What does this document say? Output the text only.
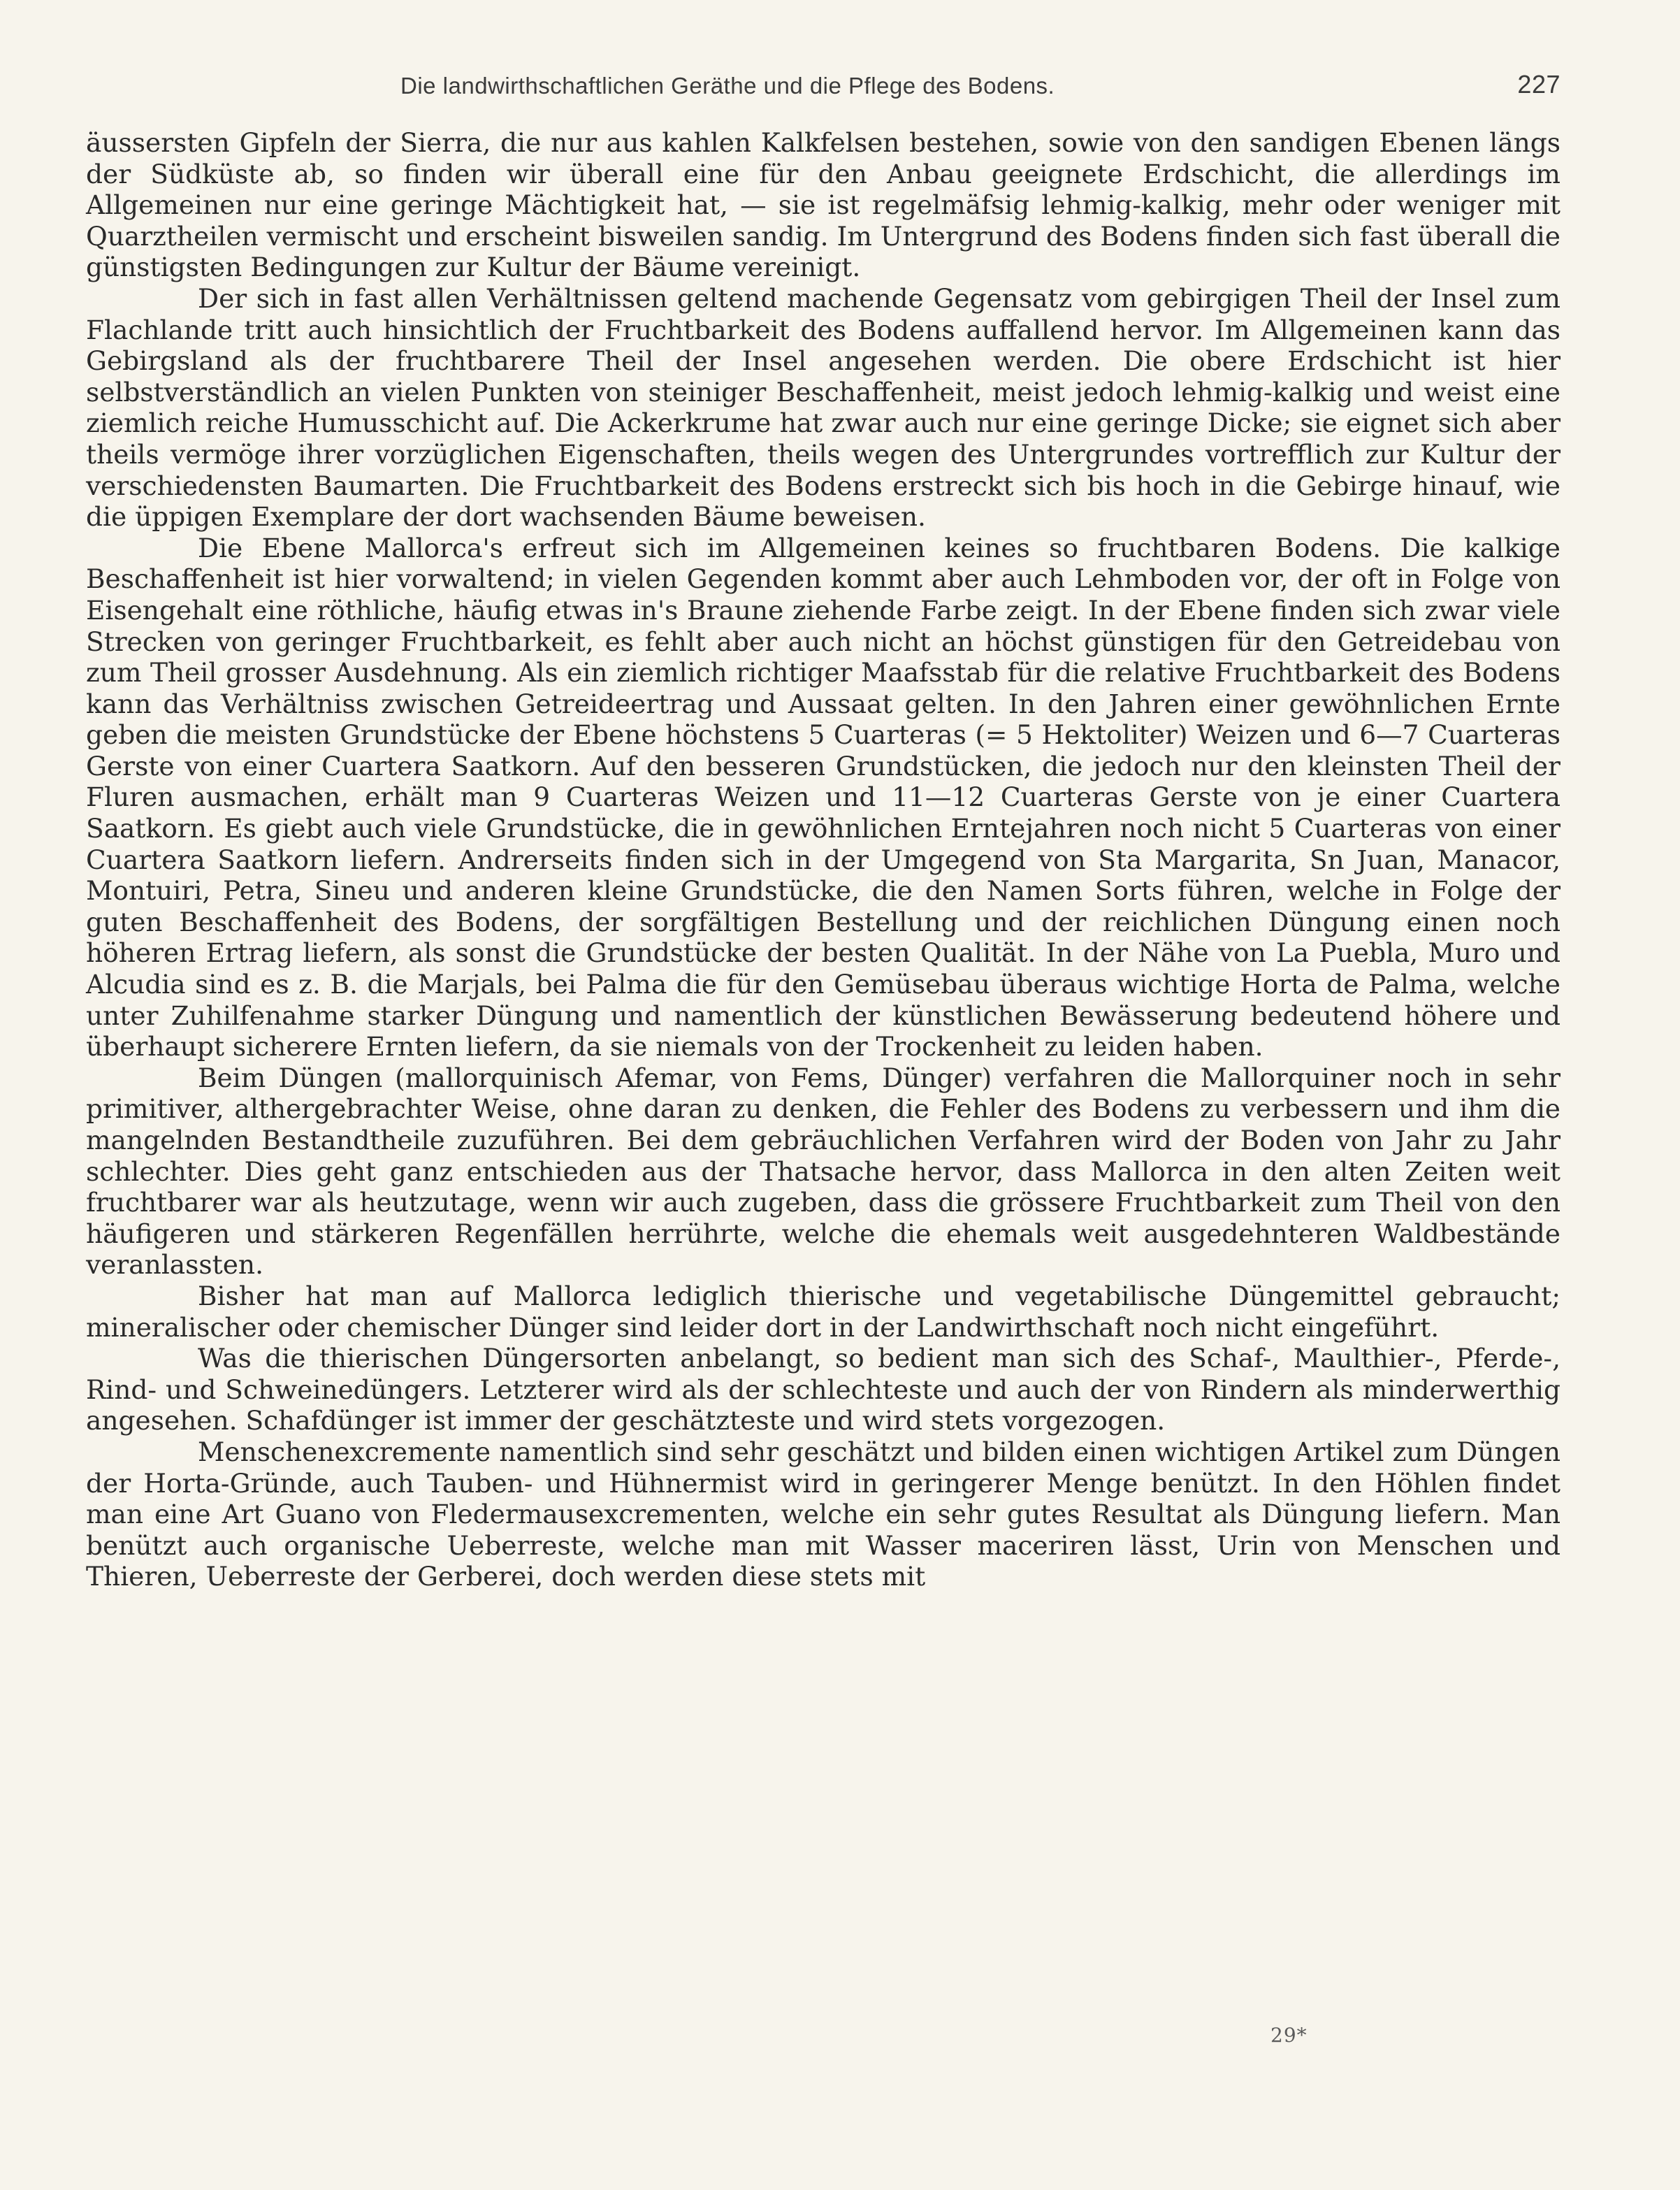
Die landwirthschaftlichen Geräthe und die Pflege des Bodens.	227

äussersten Gipfeln der Sierra, die nur aus kahlen Kalkfelsen bestehen, sowie von den sandigen Ebenen längs der Südküste ab, so finden wir überall eine für den Anbau geeignete Erdschicht, die allerdings im Allgemeinen nur eine geringe Mächtigkeit hat, — sie ist regelmäfsig lehmig-kalkig, mehr oder weniger mit Quarztheilen vermischt und erscheint bisweilen sandig. Im Untergrund des Bodens finden sich fast überall die günstigsten Bedingungen zur Kultur der Bäume vereinigt.

Der sich in fast allen Verhältnissen geltend machende Gegensatz vom gebirgigen Theil der Insel zum Flachlande tritt auch hinsichtlich der Fruchtbarkeit des Bodens auffallend hervor. Im Allgemeinen kann das Gebirgsland als der fruchtbarere Theil der Insel angesehen werden. Die obere Erdschicht ist hier selbstverständlich an vielen Punkten von steiniger Beschaffenheit, meist jedoch lehmig-kalkig und weist eine ziemlich reiche Humusschicht auf. Die Ackerkrume hat zwar auch nur eine geringe Dicke; sie eignet sich aber theils vermöge ihrer vorzüglichen Eigenschaften, theils wegen des Untergrundes vortrefflich zur Kultur der verschiedensten Baumarten. Die Fruchtbarkeit des Bodens erstreckt sich bis hoch in die Gebirge hinauf, wie die üppigen Exemplare der dort wachsenden Bäume beweisen.

Die Ebene Mallorca's erfreut sich im Allgemeinen keines so fruchtbaren Bodens. Die kalkige Beschaffenheit ist hier vorwaltend; in vielen Gegenden kommt aber auch Lehmboden vor, der oft in Folge von Eisengehalt eine röthliche, häufig etwas in's Braune ziehende Farbe zeigt. In der Ebene finden sich zwar viele Strecken von geringer Fruchtbarkeit, es fehlt aber auch nicht an höchst günstigen für den Getreidebau von zum Theil grosser Ausdehnung. Als ein ziemlich richtiger Maafsstab für die relative Fruchtbarkeit des Bodens kann das Verhältniss zwischen Getreideertrag und Aussaat gelten. In den Jahren einer gewöhnlichen Ernte geben die meisten Grundstücke der Ebene höchstens 5 Cuarteras (= 5 Hektoliter) Weizen und 6—7 Cuarteras Gerste von einer Cuartera Saatkorn. Auf den besseren Grundstücken, die jedoch nur den kleinsten Theil der Fluren ausmachen, erhält man 9 Cuarteras Weizen und 11—12 Cuarteras Gerste von je einer Cuartera Saatkorn. Es giebt auch viele Grundstücke, die in gewöhnlichen Erntejahren noch nicht 5 Cuarteras von einer Cuartera Saatkorn liefern. Andrerseits finden sich in der Umgegend von Sta Margarita, Sn Juan, Manacor, Montuiri, Petra, Sineu und anderen kleine Grundstücke, die den Namen Sorts führen, welche in Folge der guten Beschaffenheit des Bodens, der sorgfältigen Bestellung und der reichlichen Düngung einen noch höheren Ertrag liefern, als sonst die Grundstücke der besten Qualität. In der Nähe von La Puebla, Muro und Alcudia sind es z. B. die Marjals, bei Palma die für den Gemüsebau überaus wichtige Horta de Palma, welche unter Zuhilfenahme starker Düngung und namentlich der künstlichen Bewässerung bedeutend höhere und überhaupt sicherere Ernten liefern, da sie niemals von der Trockenheit zu leiden haben.

Beim Düngen (mallorquinisch Afemar, von Fems, Dünger) verfahren die Mallorquiner noch in sehr primitiver, althergebrachter Weise, ohne daran zu denken, die Fehler des Bodens zu verbessern und ihm die mangelnden Bestandtheile zuzuführen. Bei dem gebräuchlichen Verfahren wird der Boden von Jahr zu Jahr schlechter. Dies geht ganz entschieden aus der Thatsache hervor, dass Mallorca in den alten Zeiten weit fruchtbarer war als heutzutage, wenn wir auch zugeben, dass die grössere Fruchtbarkeit zum Theil von den häufigeren und stärkeren Regenfällen herrührte, welche die ehemals weit ausgedehnteren Waldbestände veranlassten.

Bisher hat man auf Mallorca lediglich thierische und vegetabilische Düngemittel gebraucht; mineralischer oder chemischer Dünger sind leider dort in der Landwirthschaft noch nicht eingeführt.

Was die thierischen Düngersorten anbelangt, so bedient man sich des Schaf-, Maulthier-, Pferde-, Rind- und Schweinedüngers. Letzterer wird als der schlechteste und auch der von Rindern als minderwerthig angesehen. Schafdünger ist immer der geschätzteste und wird stets vorgezogen.

Menschenexcremente namentlich sind sehr geschätzt und bilden einen wichtigen Artikel zum Düngen der Horta-Gründe, auch Tauben- und Hühnermist wird in geringerer Menge benützt. In den Höhlen findet man eine Art Guano von Fledermausexcrementen, welche ein sehr gutes Resultat als Düngung liefern. Man benützt auch organische Ueberreste, welche man mit Wasser maceriren lässt, Urin von Menschen und Thieren, Ueberreste der Gerberei, doch werden diese stets mit

29*
